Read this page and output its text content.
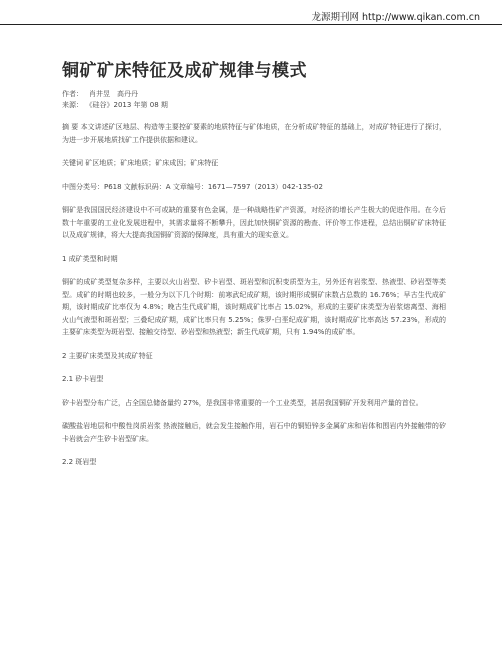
龙源期刊网 http://www.qikan.com.cn
铜矿矿床特征及成矿规律与模式
作者： 肖井昱　高丹丹
来源： 《硅谷》2013 年第 08 期

摘 要 本文讲述矿区地层、构造等主要控矿要素的地质特征与矿体地质，在分析成矿特征的基础上，对成矿特征进行了探讨，为进一步开展地质找矿工作提供依据和建议。

关键词 矿区地质；矿床地质；矿床成因；矿床特征

中图分类号：P618 文献标识码：A 文章编号：1671—7597（2013）042-135-02

铜矿是我国国民经济建设中不可或缺的重要有色金属，是一种战略性矿产资源，对经济的增长产生极大的促进作用。在今后数十年重要的工业化发展进程中，其需求量将不断攀升，因此加快铜矿资源的勘查、评价等工作进程，总结出铜矿矿床特征以及成矿规律，将大大提高我国铜矿资源的保障度，具有重大的现实意义。

1 成矿类型和时期

铜矿的成矿类型复杂多样，主要以火山岩型、矽卡岩型、斑岩型和沉积变质型为主，另外还有岩浆型、热液型、砂岩型等类型。成矿的时期也较多，一般分为以下几个时期：前寒武纪成矿期，该时期形成铜矿床数占总数的 16.76%；早古生代成矿期，该时期成矿比率仅为 4.8%；晚古生代成矿期，该时期成矿比率占 15.02%，形成的主要矿床类型为岩浆熔离型、海相火山气液型和斑岩型；三叠纪成矿期，成矿比率只有 5.25%；侏罗-白垩纪成矿期，该时期成矿比率高达 57.23%，形成的主要矿床类型为斑岩型、接触交待型、砂岩型和热液型；新生代成矿期，只有 1.94%的成矿率。

2 主要矿床类型及其成矿特征

2.1 矽卡岩型

矽卡岩型分布广泛，占全国总储备量约 27%，是我国非常重要的一个工业类型，甚居我国铜矿开发利用产量的首位。

碳酸盐岩地层和中酸性岗质岩浆 热液接触后，就会发生接触作用，岩石中的铜铅锌多金属矿床和岩体和围岩内外接触带的矽卡岩就会产生矽卡岩型矿床。

2.2 斑岩型
